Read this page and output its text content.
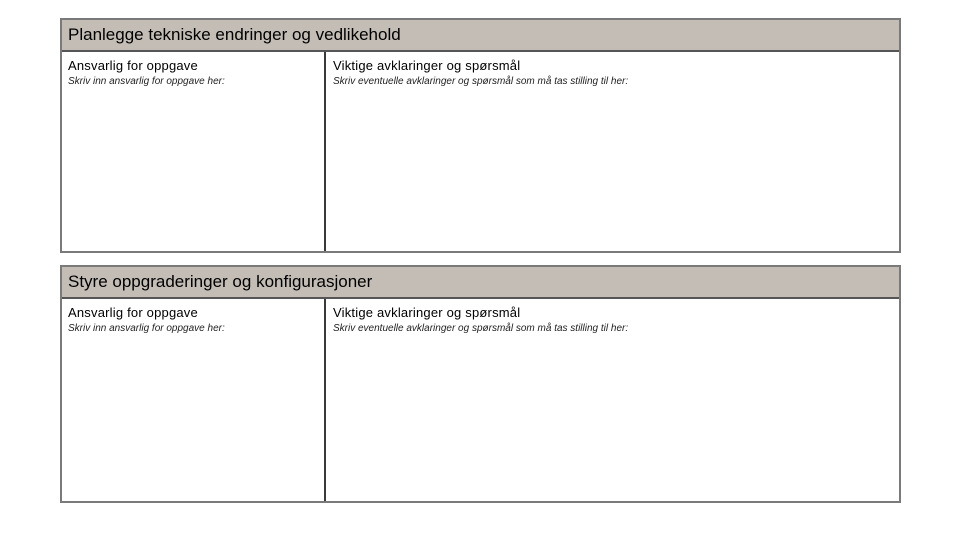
Planlegge tekniske endringer og vedlikehold
Ansvarlig for oppgave
Skriv inn ansvarlig for oppgave her:
Viktige avklaringer og spørsmål
Skriv eventuelle avklaringer og spørsmål som må tas stilling til her:
Styre oppgraderinger og konfigurasjoner
Ansvarlig for oppgave
Skriv inn ansvarlig for oppgave her:
Viktige avklaringer og spørsmål
Skriv eventuelle avklaringer og spørsmål som må tas stilling til her:
